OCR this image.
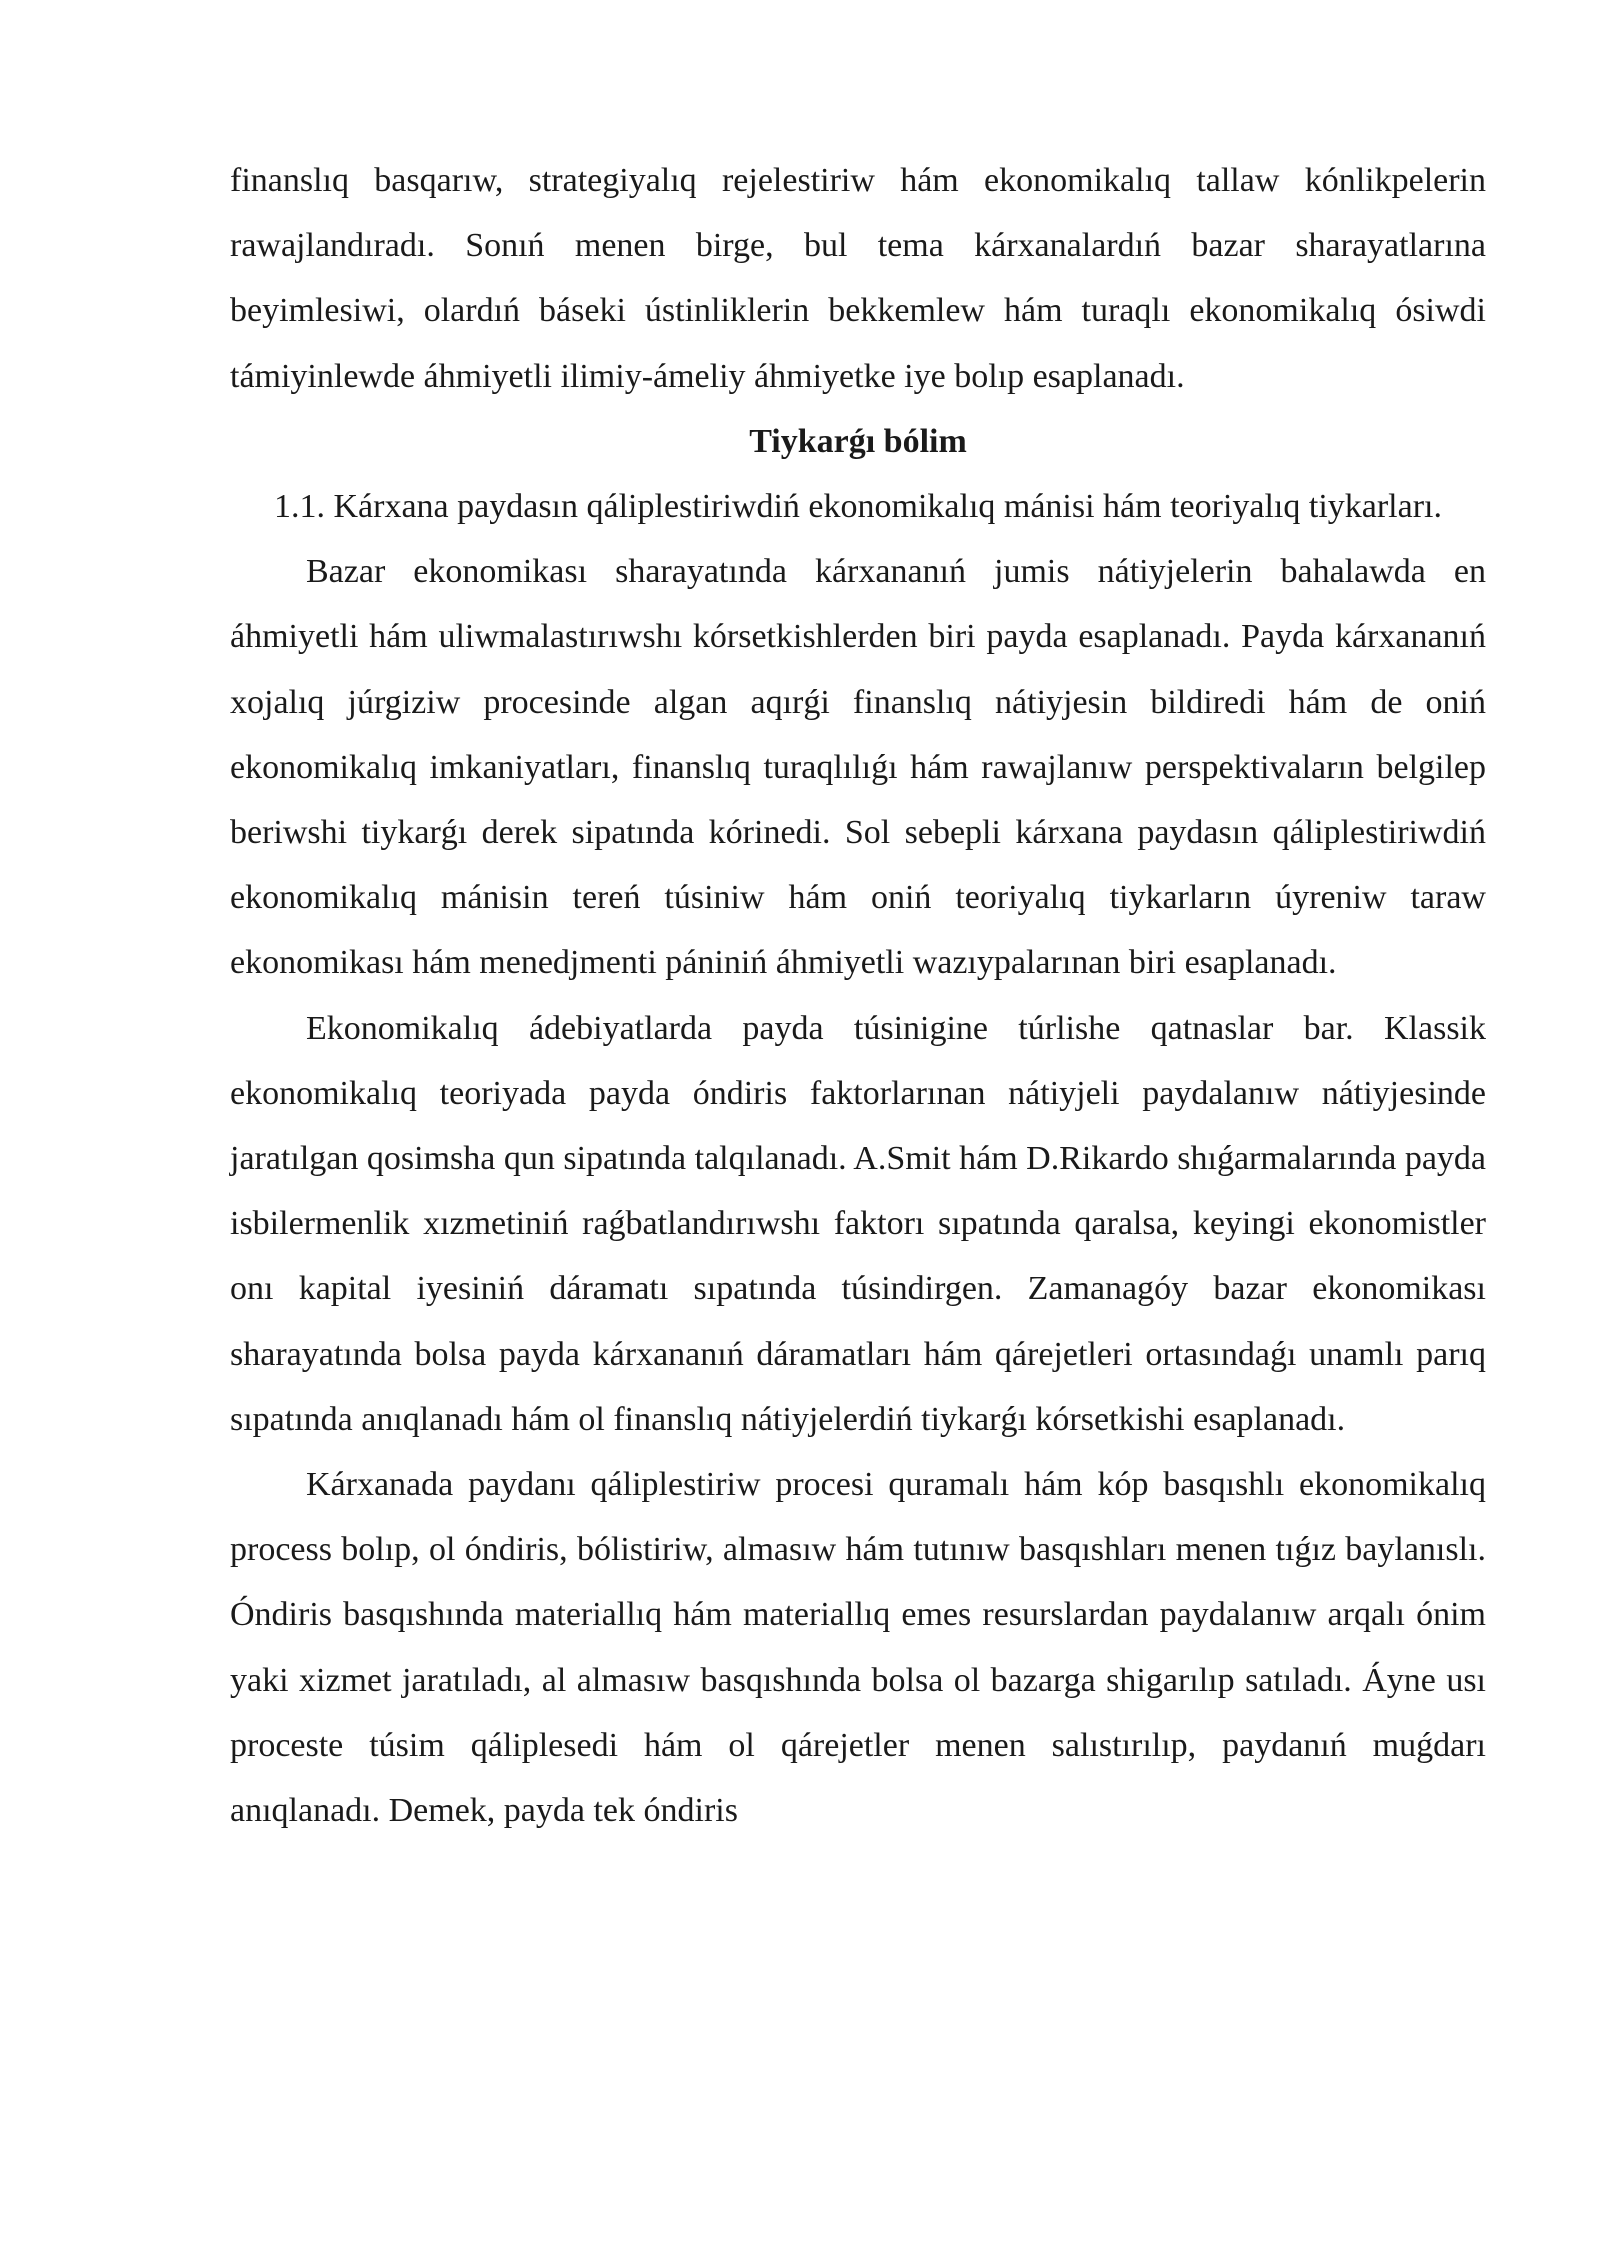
finanslıq basqarıw, strategiyalıq rejelestiriw hám ekonomikalıq tallaw kónlikpelerin rawajlandıradı. Sonıń menen birge, bul tema kárxanalardıń bazar sharayatlarına beyimlesiwi, olardıń báseki ústinliklerin bekkemlew hám turaqlı ekonomikalıq ósiwdi támiyinlewde áhmiyetli ilimiy-ámeliy áhmiyetke iye bolıp esaplanadı.

Tiykarǵı bólim

1.1. Kárxana paydasın qáliplestiriwdiń ekonomikalıq mánisi hám teoriyalıq tiykarları.

Bazar ekonomikası sharayatında kárxananıń jumis nátiyjelerin bahalawda en áhmiyetli hám uliwmalastırıwshı kórsetkishlerden biri payda esaplanadı. Payda kárxananıń xojalıq júrgiziw procesinde algan aqırǵi finanslıq nátiyjesin bildiredi hám de oniń ekonomikalıq imkaniyatları, finanslıq turaqlılıǵı hám rawajlanıw perspektivaların belgilep beriwshi tiykarǵı derek sipatında kórinedi. Sol sebepli kárxana paydasın qáliplestiriwdiń ekonomikalıq mánisin tereń túsiniw hám oniń teoriyalıq tiykarların úyreniw taraw ekonomikası hám menedjmenti pániniń áhmiyetli wazıypalarınan biri esaplanadı.

Ekonomikalıq ádebiyatlarda payda túsinigine túrlishe qatnaslar bar. Klassik ekonomikalıq teoriyada payda óndiris faktorlarınan nátiyjeli paydalanıw nátiyjesinde jaratılgan qosimsha qun sipatında talqılanadı. A.Smit hám D.Rikardo shıǵarmalarında payda isbilermenlik xızmetiniń raǵbatlandırıwshı faktorı sıpatında qaralsa, keyingi ekonomistler onı kapital iyesiniń dáramatı sıpatında túsindirgen. Zamanagóy bazar ekonomikası sharayatında bolsa payda kárxananıń dáramatları hám qárejetleri ortasındaǵı unamlı parıq sıpatında anıqlanadı hám ol finanslıq nátiyjelerdiń tiykarǵı kórsetkishi esaplanadı.

Kárxanada paydanı qáliplestiriw procesi quramalı hám kóp basqıshlı ekonomikalıq process bolıp, ol óndiris, bólistiriw, almasıw hám tutınıw basqıshları menen tıǵız baylanıslı. Óndiris basqıshında materiallıq hám materiallıq emes resurslardan paydalanıw arqalı ónim yaki xizmet jaratıladı, al almasıw basqıshında bolsa ol bazarga shigarılıp satıladı. Áyne usı proceste túsim qáliplesedi hám ol qárejetler menen salıstırılıp, paydanıń muǵdarı anıqlanadı. Demek, payda tek óndiris
